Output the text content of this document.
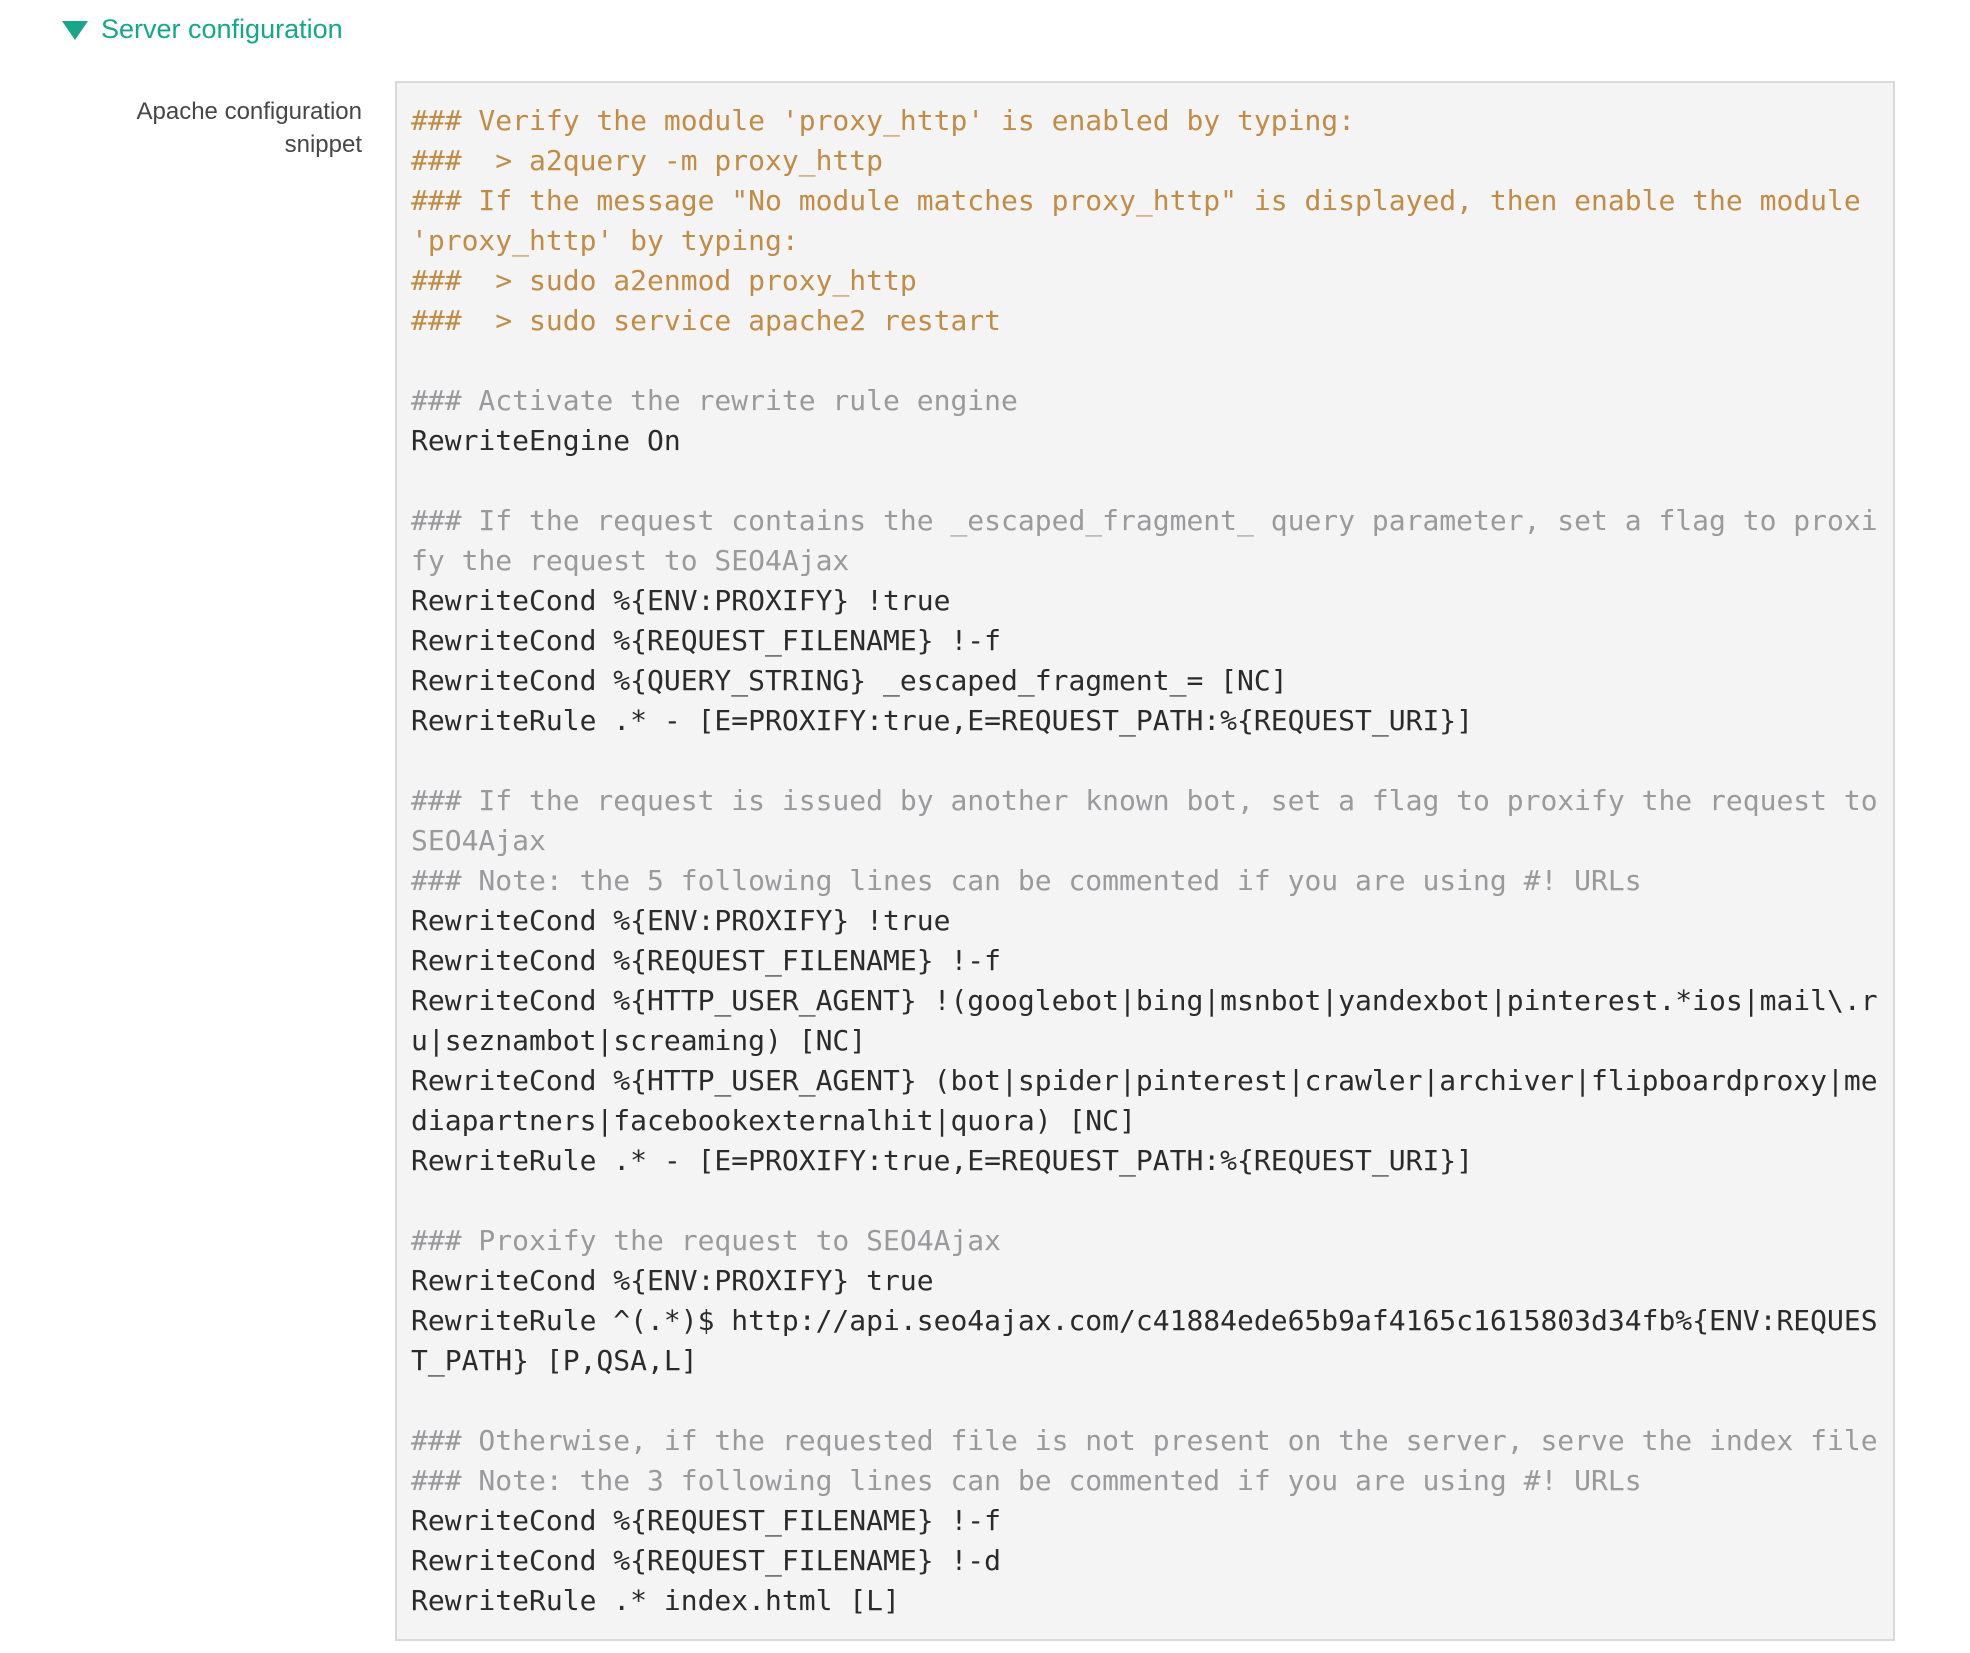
Server configuration
Apache configuration snippet
### Verify the module 'proxy_http' is enabled by typing:
###  > a2query -m proxy_http
### If the message "No module matches proxy_http" is displayed, then enable the module
'proxy_http' by typing:
###  > sudo a2enmod proxy_http
###  > sudo service apache2 restart
### Activate the rewrite rule engine
RewriteEngine On
### If the request contains the _escaped_fragment_ query parameter, set a flag to proxi
fy the request to SEO4Ajax
RewriteCond %{ENV:PROXIFY} !true
RewriteCond %{REQUEST_FILENAME} !-f
RewriteCond %{QUERY_STRING} _escaped_fragment_= [NC]
RewriteRule .* - [E=PROXIFY:true,E=REQUEST_PATH:%{REQUEST_URI}]
### If the request is issued by another known bot, set a flag to proxify the request to
SEO4Ajax
### Note: the 5 following lines can be commented if you are using #! URLs
RewriteCond %{ENV:PROXIFY} !true
RewriteCond %{REQUEST_FILENAME} !-f
RewriteCond %{HTTP_USER_AGENT} !(googlebot|bing|msnbot|yandexbot|pinterest.*ios|mail\.r
u|seznambot|screaming) [NC]
RewriteCond %{HTTP_USER_AGENT} (bot|spider|pinterest|crawler|archiver|flipboardproxy|me
diapartners|facebookexternalhit|quora) [NC]
RewriteRule .* - [E=PROXIFY:true,E=REQUEST_PATH:%{REQUEST_URI}]
### Proxify the request to SEO4Ajax
RewriteCond %{ENV:PROXIFY} true
RewriteRule ^(.*)$ http://api.seo4ajax.com/c41884ede65b9af4165c1615803d34fb%{ENV:REQUES
T_PATH} [P,QSA,L]
### Otherwise, if the requested file is not present on the server, serve the index file
### Note: the 3 following lines can be commented if you are using #! URLs
RewriteCond %{REQUEST_FILENAME} !-f
RewriteCond %{REQUEST_FILENAME} !-d
RewriteRule .* index.html [L]
